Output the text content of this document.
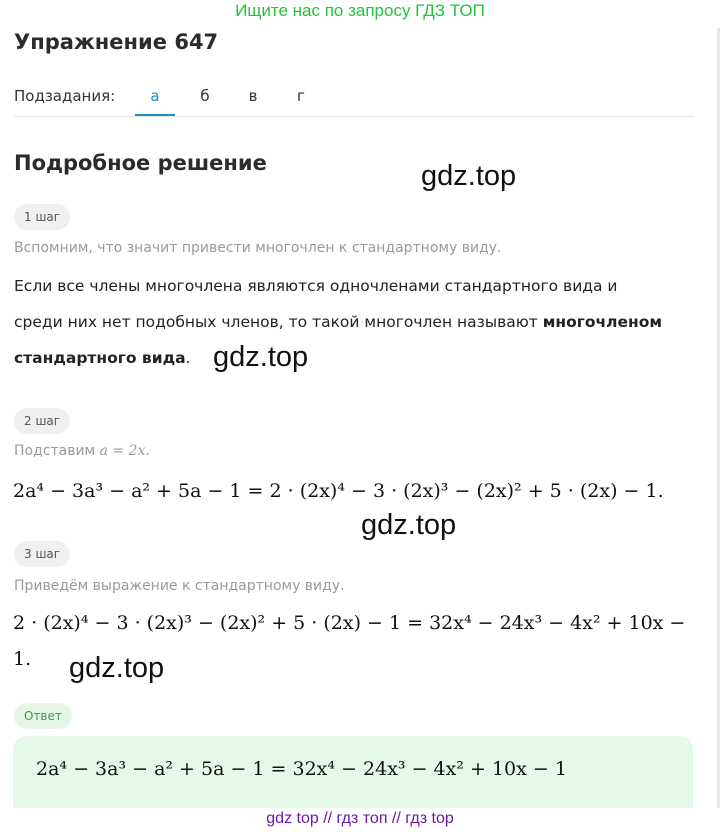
Ищите нас по запросу ГДЗ ТОП
Упражнение 647
Подзадания:	а	б	в	г
Подробное решение	gdz.top
1 шаг
Вспомним, что значит привести многочлен к стандартному виду.
Если все члены многочлена являются одночленами стандартного вида и
среди них нет подобных членов, то такой многочлен называют многочленом
стандартного вида. gdz.top
2 шаг
Подставим a = 2x.
2a⁴ − 3a³ − a² + 5a − 1 = 2 · (2x)⁴ − 3 · (2x)³ − (2x)² + 5 · (2x) − 1.
gdz.top
3 шаг
Приведём выражение к стандартному виду.
2 · (2x)⁴ − 3 · (2x)³ − (2x)² + 5 · (2x) − 1 = 32x⁴ − 24x³ − 4x² + 10x −
1. gdz.top
Ответ
2a⁴ − 3a³ − a² + 5a − 1 = 32x⁴ − 24x³ − 4x² + 10x − 1
gdz top // гдз топ // гдз top
